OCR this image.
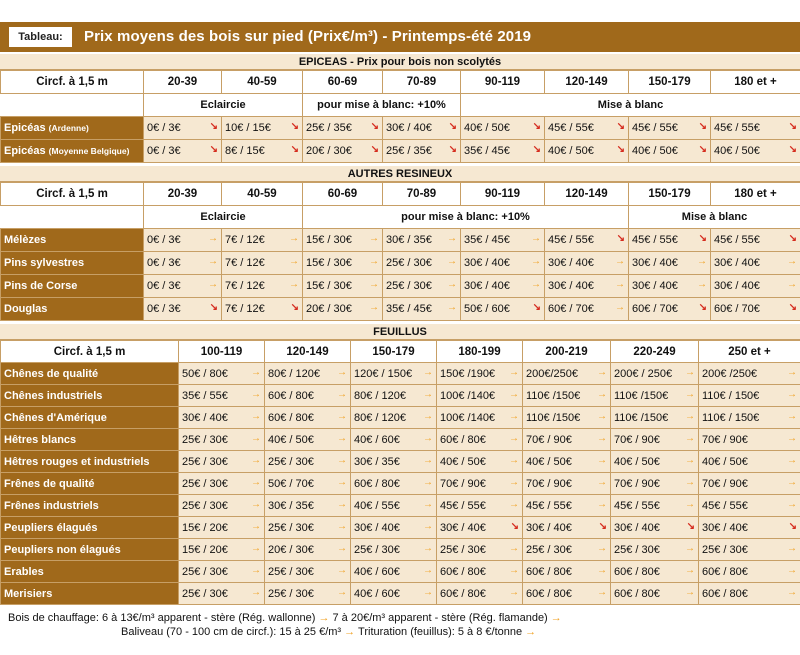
Tableau:	Prix moyens des bois sur pied (Prix€/m³) - Printemps-été 2019
EPICEAS - Prix pour bois non scolytés
Circf. à 1,5 m	20-39	40-59	60-69	70-89	90-119	120-149	150-179	180 et +
	Eclaircie		pour mise à blanc: +10%		Mise à blanc			
Epicéas (Ardenne)	0€ / 3€ ↘	10€ / 15€ ↘	25€ / 35€ ↘	30€ / 40€ ↘	40€ / 50€ ↘	45€ / 55€ ↘	45€ / 55€ ↘	45€ / 55€ ↘

Epicéas (Moyenne Belgique)	0€ / 3€ ↘	8€ / 15€ ↘	20€ / 30€ ↘	25€ / 35€ ↘	35€ / 45€ ↘	40€ / 50€ ↘	40€ / 50€ ↘	40€ / 50€ ↘
AUTRES RESINEUX
Circf. à 1,5 m	20-39	40-59	60-69	70-89	90-119	120-149	150-179	180 et +
	Eclaircie		pour mise à blanc: +10%				Mise à blanc	
Mélèzes	0€ / 3€ →	7€ / 12€ →	15€ / 30€ →	30€ / 35€ →	35€ / 45€ →	45€ / 55€ ↘	45€ / 55€ ↘	45€ / 55€ ↘

Pins sylvestres	0€ / 3€ →	7€ / 12€ →	15€ / 30€ →	25€ / 30€ →	30€ / 40€ →	30€ / 40€ →	30€ / 40€ →	30€ / 40€ →

Pins de Corse	0€ / 3€ →	7€ / 12€ →	15€ / 30€ →	25€ / 30€ →	30€ / 40€ →	30€ / 40€ →	30€ / 40€ →	30€ / 40€ →

Douglas	0€ / 3€ ↘	7€ / 12€ ↘	20€ / 30€ →	35€ / 45€ →	50€ / 60€ ↘	60€ / 70€ →	60€ / 70€ ↘	60€ / 70€ ↘
FEUILLUS
Circf. à 1,5 m	100-119	120-149	150-179	180-199	200-219	220-249	250 et +
Chênes de qualité	50€ / 80€ →	80€ / 120€ →	120€ / 150€ →	150€ /190€ →	200€/250€ →	200€ / 250€ →	200€ /250€ →

Chênes industriels	35€ / 55€ →	60€ / 80€ →	80€ / 120€ →	100€ /140€ →	110€ /150€ →	110€ /150€ →	110€ / 150€ →

Chênes d'Amérique	30€ / 40€ →	60€ / 80€ →	80€ / 120€ →	100€ /140€ →	110€ /150€ →	110€ /150€ →	110€ / 150€ →

Hêtres blancs	25€ / 30€ →	40€ / 50€ →	40€ / 60€ →	60€ / 80€ →	70€ / 90€ →	70€ / 90€ →	70€ / 90€ →

Hêtres rouges et industriels	25€ / 30€ →	25€ / 30€ →	30€ / 35€ →	40€ / 50€ →	40€ / 50€ →	40€ / 50€ →	40€ / 50€ →

Frênes de qualité	25€ / 30€ →	50€ / 70€ →	60€ / 80€ →	70€ / 90€ →	70€ / 90€ →	70€ / 90€ →	70€ / 90€ →

Frênes industriels	25€ / 30€ →	30€ / 35€ →	40€ / 55€ →	45€ / 55€ →	45€ / 55€ →	45€ / 55€ →	45€ / 55€ →

Peupliers élagués	15€ / 20€ →	25€ / 30€ →	30€ / 40€ →	30€ / 40€ ↘	30€ / 40€ ↘	30€ / 40€ ↘	30€ / 40€ ↘

Peupliers non élagués	15€ / 20€ →	20€ / 30€ →	25€ / 30€ →	25€ / 30€ →	25€ / 30€ →	25€ / 30€ →	25€ / 30€ →

Erables	25€ / 30€ →	25€ / 30€ →	40€ / 60€ →	60€ / 80€ →	60€ / 80€ →	60€ / 80€ →	60€ / 80€ →

Merisiers	25€ / 30€ →	25€ / 30€ →	40€ / 60€ →	60€ / 80€ →	60€ / 80€ →	60€ / 80€ →	60€ / 80€ →
Bois de chauffage: 6 à 13€/m³ apparent - stère (Rég. wallonne) → 7 à 20€/m³ apparent - stère (Rég. flamande) →
Baliveau (70 - 100 cm de circf.): 15 à 25 €/m³ → Trituration (feuillus): 5 à 8 €/tonne →
